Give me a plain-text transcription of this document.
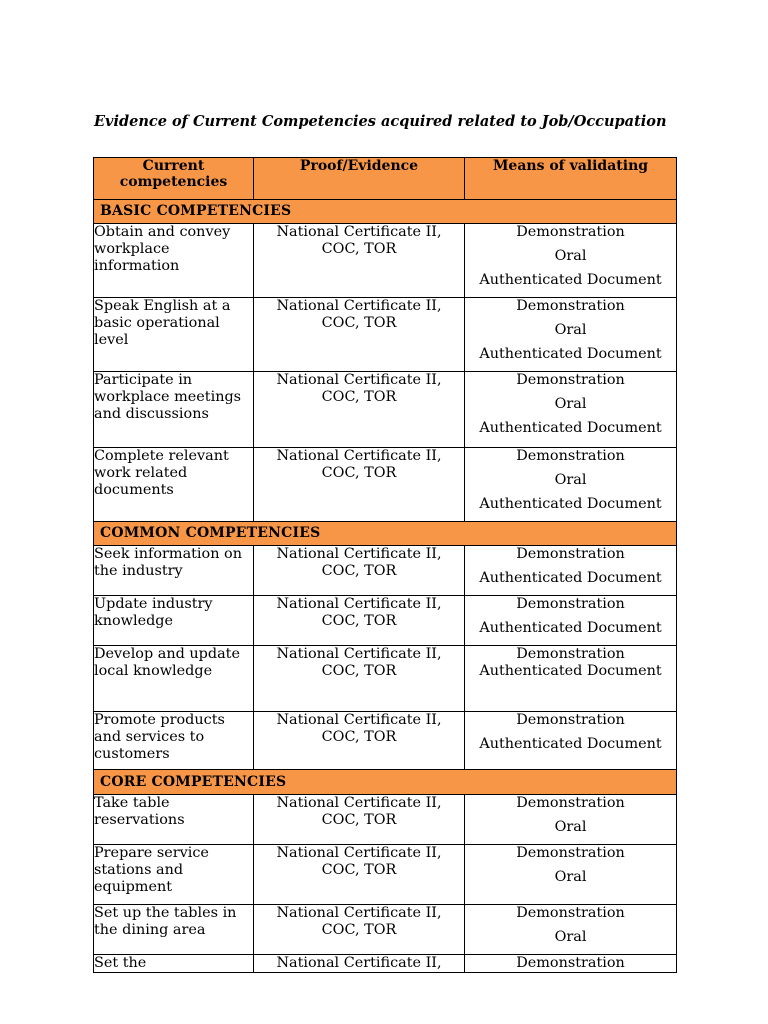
Evidence of Current Competencies acquired related to Job/Occupation
Current competencies	Proof/Evidence	Means of validating
BASIC COMPETENCIES		
Obtain and convey workplace information	National Certificate II, COC, TOR	Demonstration
Oral
Authenticated Document

Speak English at a basic operational level	National Certificate II, COC, TOR	Demonstration
Oral
Authenticated Document

Participate in workplace meetings and discussions	National Certificate II, COC, TOR	Demonstration
Oral
Authenticated Document

Complete relevant work related documents	National Certificate II, COC, TOR	Demonstration
Oral
Authenticated Document

COMMON COMPETENCIES		
Seek information on the industry	National Certificate II, COC, TOR	Demonstration
Authenticated Document

Update industry knowledge	National Certificate II, COC, TOR	Demonstration
Authenticated Document

Develop and update local knowledge	National Certificate II, COC, TOR	Demonstration
Authenticated Document

Promote products and services to customers	National Certificate II, COC, TOR	Demonstration
Authenticated Document

CORE COMPETENCIES		
Take table reservations	National Certificate II, COC, TOR	Demonstration
Oral

Prepare service stations and equipment	National Certificate II, COC, TOR	Demonstration
Oral

Set up the tables in the dining area	National Certificate II, COC, TOR	Demonstration
Oral

Set the	National Certificate II,	Demonstration
